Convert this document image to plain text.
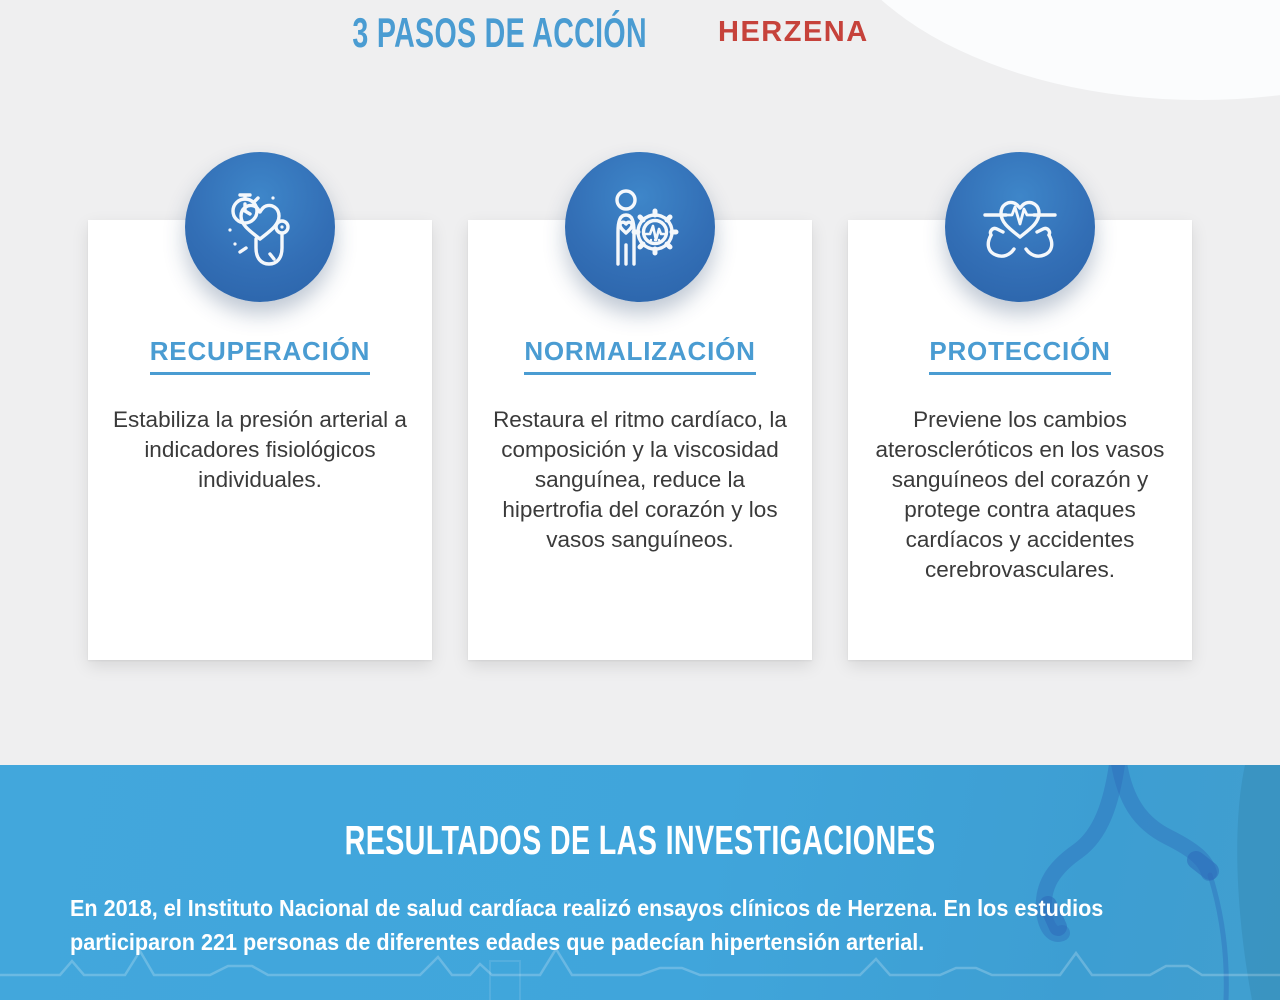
3 PASOS DE ACCIÓN HERZENA
RECUPERACIÓN
Estabiliza la presión arterial a indicadores fisiológicos individuales.
NORMALIZACIÓN
Restaura el ritmo cardíaco, la composición y la viscosidad sanguínea, reduce la hipertrofia del corazón y los vasos sanguíneos.
PROTECCIÓN
Previene los cambios ateroscleróticos en los vasos sanguíneos del corazón y protege contra ataques cardíacos y accidentes cerebrovasculares.
RESULTADOS DE LAS INVESTIGACIONES
En 2018, el Instituto Nacional de salud cardíaca realizó ensayos clínicos de Herzena. En los estudios
participaron 221 personas de diferentes edades que padecían hipertensión arterial.
